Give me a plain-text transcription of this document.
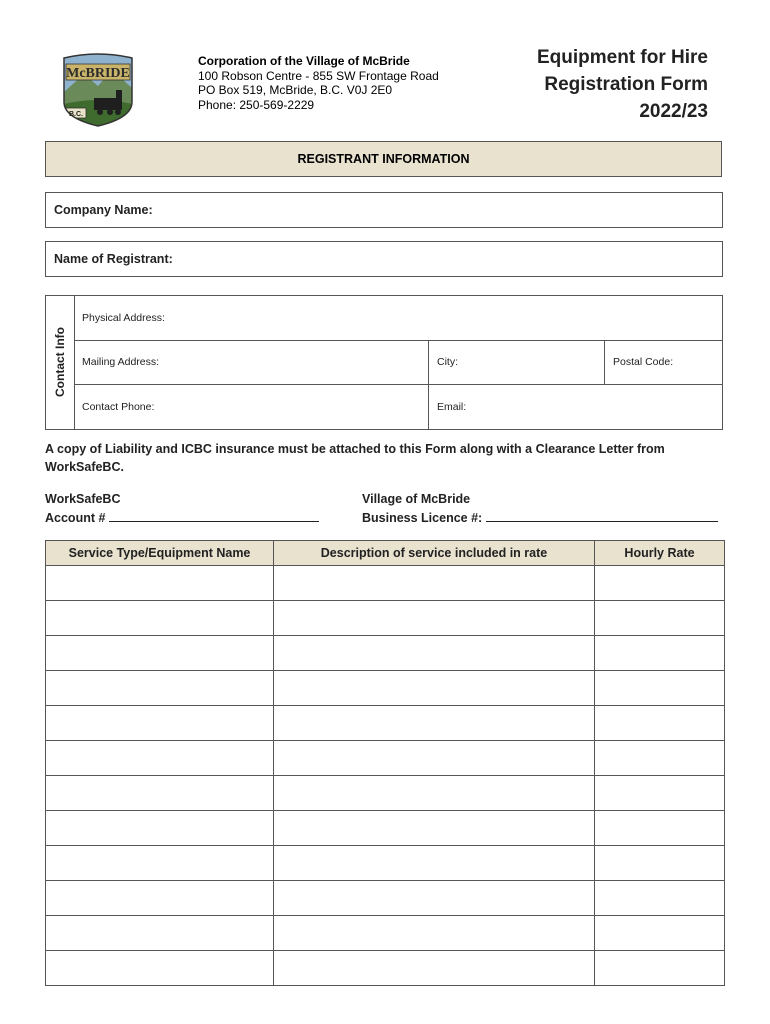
McBRIDE
B.C.
Corporation of the Village of McBride
100 Robson Centre - 855 SW Frontage Road
PO Box 519, McBride, B.C. V0J 2E0
Phone: 250-569-2229
Equipment for Hire
Registration Form
2022/23
REGISTRANT INFORMATION
Company Name:
Name of Registrant:
Contact Info
Physical Address:
Mailing Address:	City:	Postal Code:
Contact Phone:	Email:
A copy of Liability and ICBC insurance must be attached to this Form along with a Clearance Letter from WorkSafeBC.
WorkSafeBC
Account #
Village of McBride
Business Licence #:
Service Type/Equipment Name	Description of service included in rate	Hourly Rate
